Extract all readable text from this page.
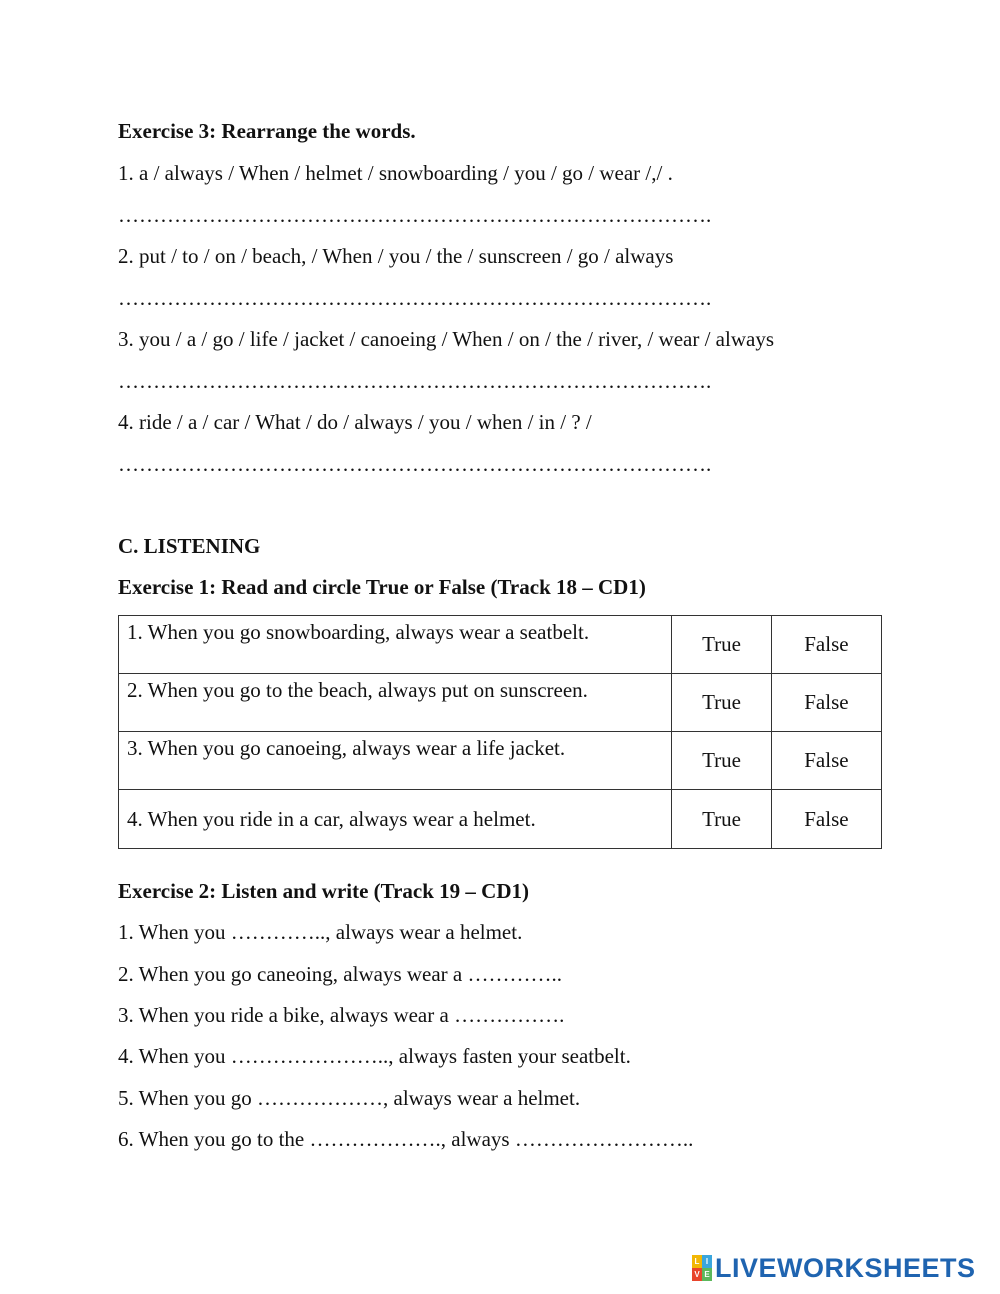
Exercise 3: Rearrange the words.
1. a / always / When / helmet / snowboarding / you / go / wear /,/ .
………………………………………………………………………….
2. put / to / on / beach, / When / you / the / sunscreen / go / always
………………………………………………………………………….
3. you / a / go / life / jacket / canoeing / When / on / the / river, / wear / always
………………………………………………………………………….
4. ride / a / car / What / do / always / you / when / in / ? /
………………………………………………………………………….
C. LISTENING
Exercise 1: Read and circle True or False (Track 18 – CD1)
1. When you go snowboarding, always wear a seatbelt.	True	False
2. When you go to the beach, always put on sunscreen.	True	False
3. When you go canoeing, always wear a life jacket.	True	False
4. When you ride in a car, always wear a helmet.	True	False
Exercise 2: Listen and write (Track 19 – CD1)
1. When you ………….., always wear a helmet.
2. When you go caneoing, always wear a …………..
3. When you ride a bike, always wear a …………….
4. When you ………………….., always fasten your seatbelt.
5. When you go ………………, always wear a helmet.
6. When you go to the ………………., always ……………………..
L I
V E LIVEWORKSHEETS
